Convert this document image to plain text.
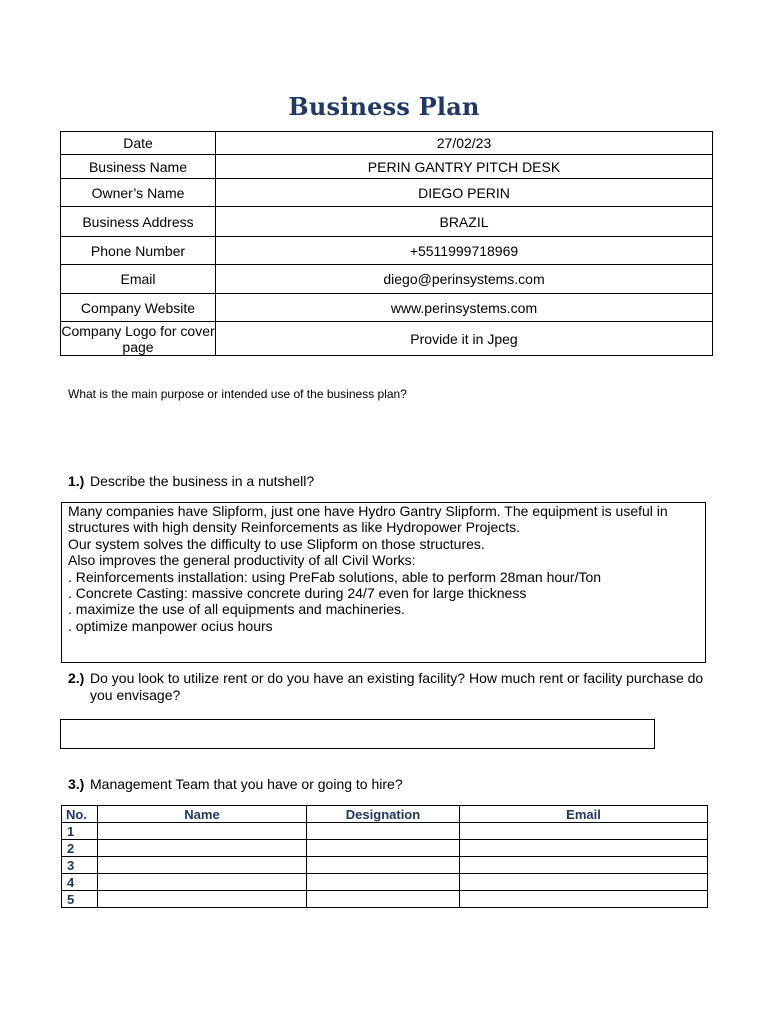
Business Plan
Date	27/02/23
Business Name	PERIN GANTRY PITCH DESK
Owner’s Name	DIEGO PERIN
Business Address	BRAZIL
Phone Number	+5511999718969
Email	diego@perinsystems.com
Company Website	www.perinsystems.com
Company Logo for cover page	Provide it in Jpeg
What is the main purpose or intended use of the business plan?
1.) Describe the business in a nutshell?
Many companies have Slipform, just one have Hydro Gantry Slipform. The equipment is useful in
structures with high density Reinforcements as like Hydropower Projects.
Our system solves the difficulty to use Slipform on those structures.
Also improves the general productivity of all Civil Works:
. Reinforcements installation: using PreFab solutions, able to perform 28man hour/Ton
. Concrete Casting: massive concrete during 24/7 even for large thickness
. maximize the use of all equipments and machineries.
. optimize manpower ocius hours
2.) Do you look to utilize rent or do you have an existing facility? How much rent or facility purchase do you envisage?
3.) Management Team that you have or going to hire?
No.	Name	Designation	Email
1			
2			
3			
4			
5			
